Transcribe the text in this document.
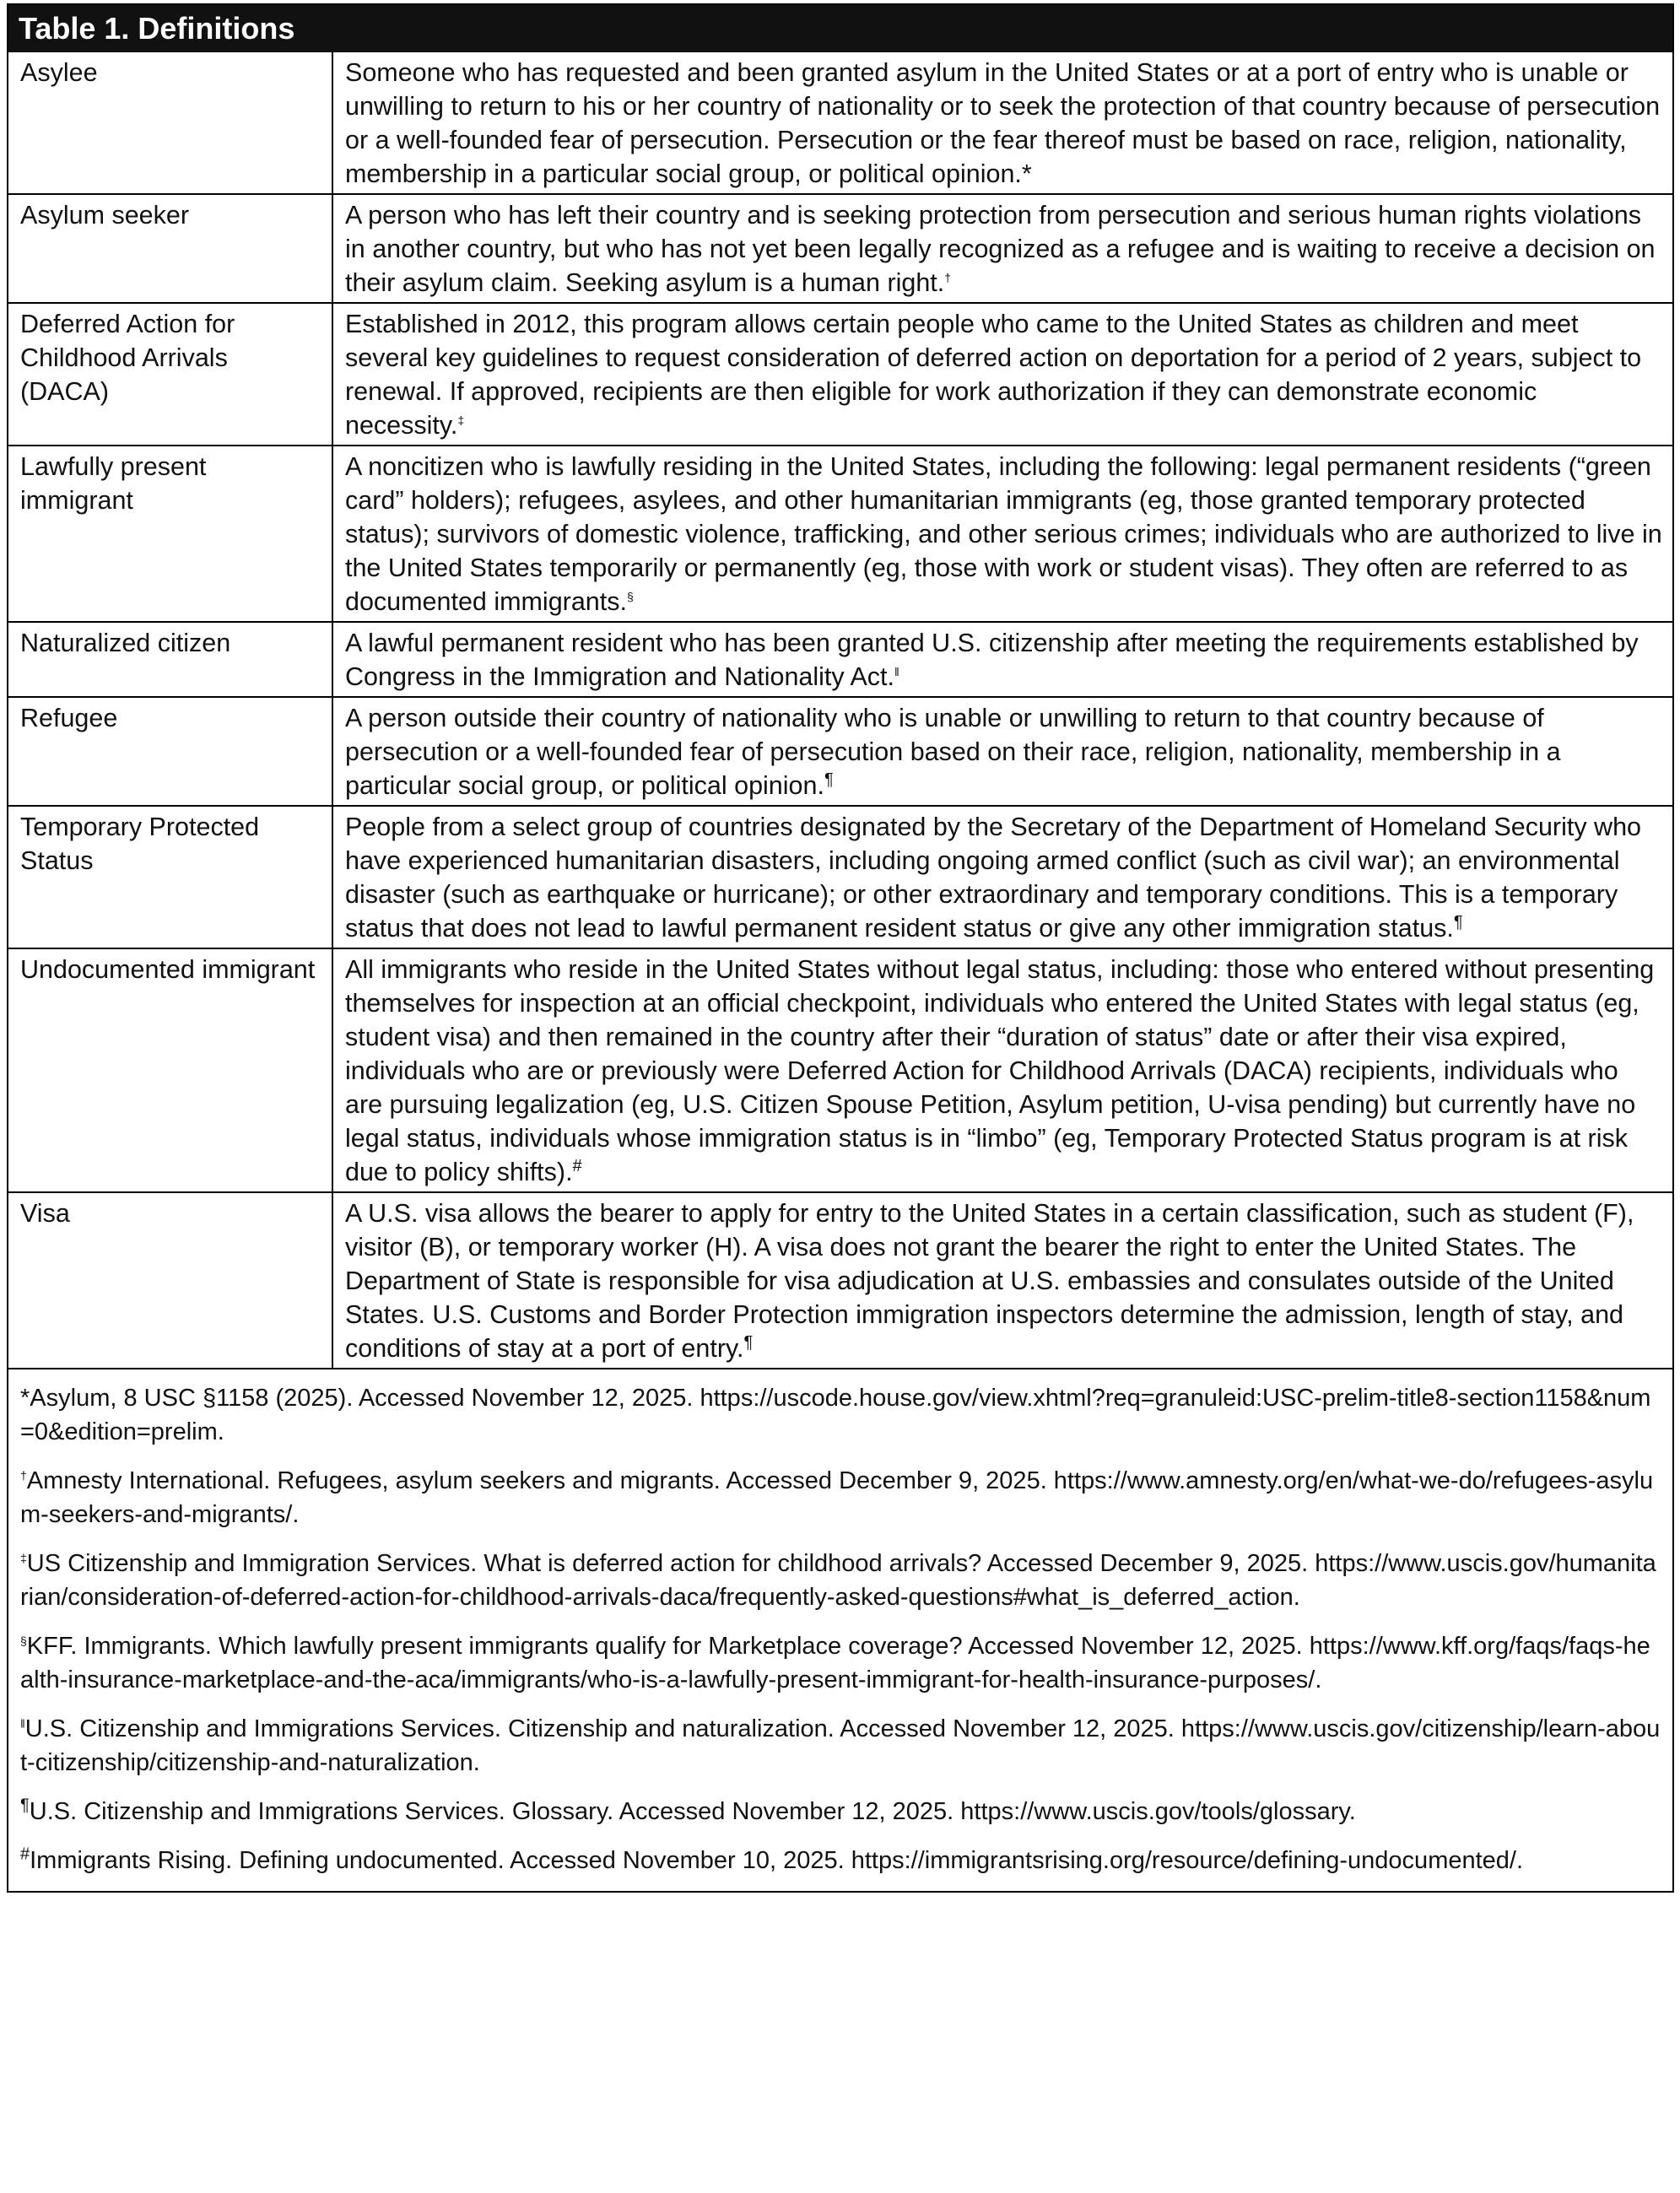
Table 1. Definitions
Asylee	Someone who has requested and been granted asylum in the United States or at a port of entry who is unable or unwilling to return to his or her country of nationality or to seek the protection of that country because of persecution or a well-founded fear of persecution. Persecution or the fear thereof must be based on race, religion, nationality, membership in a particular social group, or political opinion.*
Asylum seeker	A person who has left their country and is seeking protection from persecution and serious human rights violations in another country, but who has not yet been legally recognized as a refugee and is waiting to receive a decision on their asylum claim. Seeking asylum is a human right.†
Deferred Action for Childhood Arrivals (DACA)	Established in 2012, this program allows certain people who came to the United States as children and meet several key guidelines to request consideration of deferred action on deportation for a period of 2 years, subject to renewal. If approved, recipients are then eligible for work authorization if they can demonstrate economic necessity.‡
Lawfully present immigrant	A noncitizen who is lawfully residing in the United States, including the following: legal permanent residents (“green card” holders); refugees, asylees, and other humanitarian immigrants (eg, those granted temporary protected status); survivors of domestic violence, trafficking, and other serious crimes; individuals who are authorized to live in the United States temporarily or permanently (eg, those with work or student visas). They often are referred to as documented immigrants.§
Naturalized citizen	A lawful permanent resident who has been granted U.S. citizenship after meeting the requirements established by Congress in the Immigration and Nationality Act.‖
Refugee	A person outside their country of nationality who is unable or unwilling to return to that country because of persecution or a well-founded fear of persecution based on their race, religion, nationality, membership in a particular social group, or political opinion.¶
Temporary Protected Status	People from a select group of countries designated by the Secretary of the Department of Homeland Security who have experienced humanitarian disasters, including ongoing armed conflict (such as civil war); an environmental disaster (such as earthquake or hurricane); or other extraordinary and temporary conditions. This is a temporary status that does not lead to lawful permanent resident status or give any other immigration status.¶
Undocumented immigrant	All immigrants who reside in the United States without legal status, including: those who entered without presenting themselves for inspection at an official checkpoint, individuals who entered the United States with legal status (eg, student visa) and then remained in the country after their “duration of status” date or after their visa expired, individuals who are or previously were Deferred Action for Childhood Arrivals (DACA) recipients, individuals who are pursuing legalization (eg, U.S. Citizen Spouse Petition, Asylum petition, U-visa pending) but currently have no legal status, individuals whose immigration status is in “limbo” (eg, Temporary Protected Status program is at risk due to policy shifts).#
Visa	A U.S. visa allows the bearer to apply for entry to the United States in a certain classification, such as student (F), visitor (B), or temporary worker (H). A visa does not grant the bearer the right to enter the United States. The Department of State is responsible for visa adjudication at U.S. embassies and consulates outside of the United States. U.S. Customs and Border Protection immigration inspectors determine the admission, length of stay, and conditions of stay at a port of entry.¶

*Asylum, 8 USC §1158 (2025). Accessed November 12, 2025. https://uscode.house.gov/view.xhtml?req=granuleid:USC-prelim-title8-section1158&num=0&edition=prelim.

†Amnesty International. Refugees, asylum seekers and migrants. Accessed December 9, 2025. https://www.amnesty.org/en/what-we-do/refugees-asylum-seekers-and-migrants/.

‡US Citizenship and Immigration Services. What is deferred action for childhood arrivals? Accessed December 9, 2025. https://www.uscis.gov/humanitarian/consideration-of-deferred-action-for-childhood-arrivals-daca/frequently-asked-questions#what_is_deferred_action.

§KFF. Immigrants. Which lawfully present immigrants qualify for Marketplace coverage? Accessed November 12, 2025. https://www.kff.org/faqs/faqs-health-insurance-marketplace-and-the-aca/immigrants/who-is-a-lawfully-present-immigrant-for-health-insurance-purposes/.

‖U.S. Citizenship and Immigrations Services. Citizenship and naturalization. Accessed November 12, 2025. https://www.uscis.gov/citizenship/learn-about-citizenship/citizenship-and-naturalization.

¶U.S. Citizenship and Immigrations Services. Glossary. Accessed November 12, 2025. https://www.uscis.gov/tools/glossary.

#Immigrants Rising. Defining undocumented. Accessed November 10, 2025. https://immigrantsrising.org/resource/defining-undocumented/.
